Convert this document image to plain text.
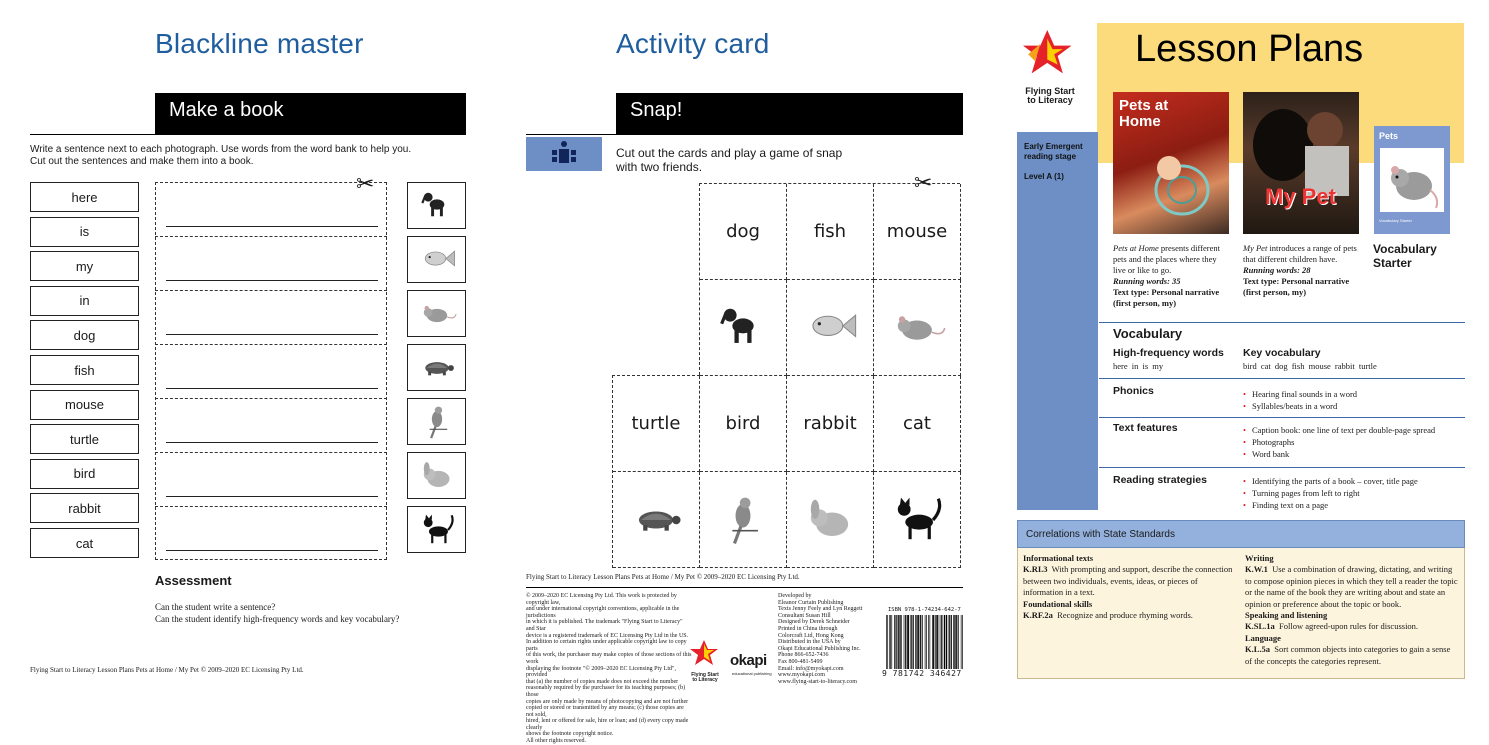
Blackline master
Make a book
Write a sentence next to each photograph. Use words from the word bank to help you.
Cut out the sentences and make them into a book.
here
is
my
in
dog
fish
mouse
turtle
bird
rabbit
cat
✂
Assessment
Can the student write a sentence?
Can the student identify high-frequency words and key vocabulary?
Flying Start to Literacy Lesson Plans Pets at Home / My Pet © 2009–2020 EC Licensing Pty Ltd.
Activity card
Snap!
Cut out the cards and play a game of snap
with two friends.
✂
dog	fish	mouse
turtle	bird	rabbit	cat
Flying Start to Literacy Lesson Plans Pets at Home / My Pet © 2009–2020 EC Licensing Pty Ltd.
© 2009–2020 EC Licensing Pty Ltd. This work is protected by copyright law,
and under international copyright conventions, applicable in the jurisdictions
in which it is published. The trademark "Flying Start to Literacy" and Star
device is a registered trademark of EC Licensing Pty Ltd in the US.
In addition to certain rights under applicable copyright law to copy parts
of this work, the purchaser may make copies of those sections of this work
displaying the footnote "© 2009–2020 EC Licensing Pty Ltd", provided
that (a) the number of copies made does not exceed the number
reasonably required by the purchaser for its teaching purposes; (b) those
copies are only made by means of photocopying and are not further
copied or stored or transmitted by any means; (c) those copies are not sold,
hired, lent or offered for sale, hire or loan; and (d) every copy made clearly
shows the footnote copyright notice.
All other rights reserved.
Flying Start
to Literacy
okapi
educational publishing
Developed by
Eleanor Curtain Publishing
Texts Jenny Feely and Lyn Reggett
Consultant Susan Hill
Designed by Derek Schneider
Printed in China through
Colorcraft Ltd, Hong Kong
Distributed in the USA by
Okapi Educational Publishing Inc.
Phone 866-652-7436
Fax 800-481-5499
Email: info@myokapi.com
www.myokapi.com
www.flying-start-to-literacy.com
ISBN 978-1-74234-642-7
9 781742 346427
Lesson Plans
Flying Start
to Literacy
Early Emergent reading stage
Level A (1)
Pets at
Home
My Pet
Pets
Vocabulary Starter
Pets at Home presents different pets and the places where they live or like to go.
Running words: 35
Text type: Personal narrative (first person, my)
My Pet introduces a range of pets that different children have.
Running words: 28
Text type: Personal narrative (first person, my)
Vocabulary Starter
Vocabulary
High-frequency words
here in is my
Key vocabulary
bird cat dog fish mouse rabbit turtle
Phonics	• Hearing final sounds in a word
• Syllables/beats in a word
Text features	• Caption book: one line of text per double-page spread
• Photographs
• Word bank
Reading strategies	• Identifying the parts of a book – cover, title page
• Turning pages from left to right
• Finding text on a page
Correlations with State Standards
Informational texts
K.RI.3 With prompting and support, describe the connection between two individuals, events, ideas, or pieces of information in a text.
Foundational skills
K.RF.2a Recognize and produce rhyming words.
Writing
K.W.1 Use a combination of drawing, dictating, and writing to compose opinion pieces in which they tell a reader the topic or the name of the book they are writing about and state an opinion or preference about the topic or book.
Speaking and listening
K.SL.1a Follow agreed-upon rules for discussion.
Language
K.L.5a Sort common objects into categories to gain a sense of the concepts the categories represent.
